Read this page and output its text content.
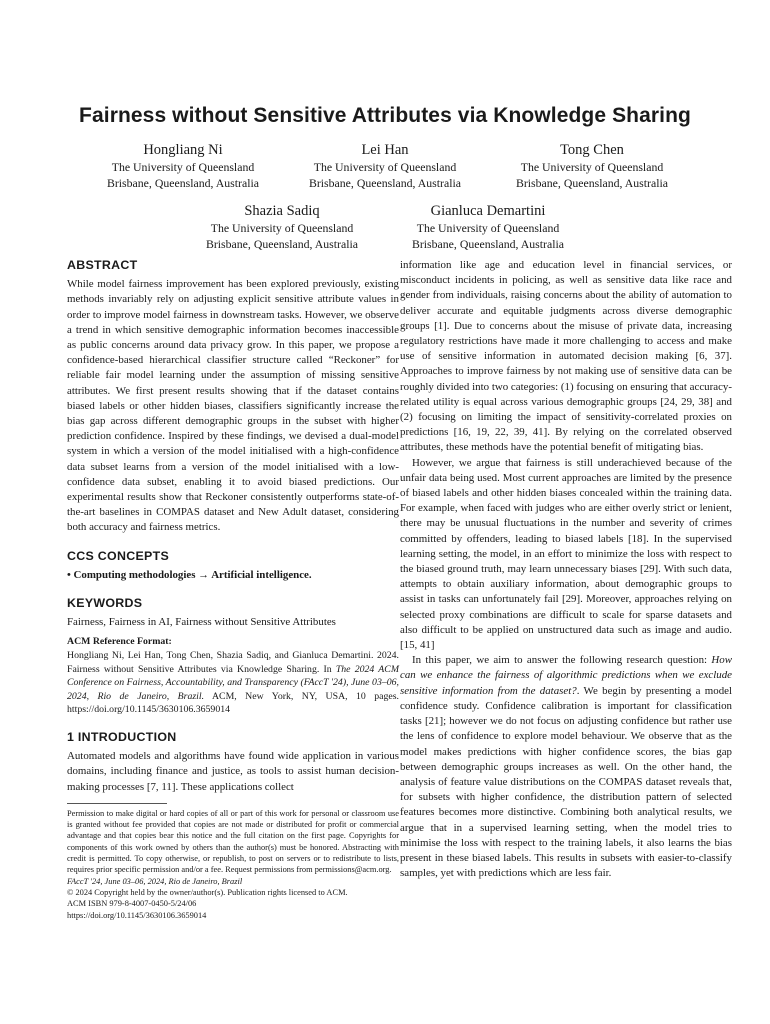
Fairness without Sensitive Attributes via Knowledge Sharing
Hongliang Ni
The University of Queensland
Brisbane, Queensland, Australia
Lei Han
The University of Queensland
Brisbane, Queensland, Australia
Tong Chen
The University of Queensland
Brisbane, Queensland, Australia
Shazia Sadiq
The University of Queensland
Brisbane, Queensland, Australia
Gianluca Demartini
The University of Queensland
Brisbane, Queensland, Australia
ABSTRACT

While model fairness improvement has been explored previously, existing methods invariably rely on adjusting explicit sensitive attribute values in order to improve model fairness in downstream tasks. However, we observe a trend in which sensitive demographic information becomes inaccessible as public concerns around data privacy grow. In this paper, we propose a confidence-based hierarchical classifier structure called “Reckoner” for reliable fair model learning under the assumption of missing sensitive attributes. We first present results showing that if the dataset contains biased labels or other hidden biases, classifiers significantly increase the bias gap across different demographic groups in the subset with higher prediction confidence. Inspired by these findings, we devised a dual-model system in which a version of the model initialised with a high-confidence data subset learns from a version of the model initialised with a low-confidence data subset, enabling it to avoid biased predictions. Our experimental results show that Reckoner consistently outperforms state-of-the-art baselines in COMPAS dataset and New Adult dataset, considering both accuracy and fairness metrics.

CCS CONCEPTS

• Computing methodologies → Artificial intelligence.

KEYWORDS

Fairness, Fairness in AI, Fairness without Sensitive Attributes

ACM Reference Format:

Hongliang Ni, Lei Han, Tong Chen, Shazia Sadiq, and Gianluca Demartini. 2024. Fairness without Sensitive Attributes via Knowledge Sharing. In The 2024 ACM Conference on Fairness, Accountability, and Transparency (FAccT '24), June 03–06, 2024, Rio de Janeiro, Brazil. ACM, New York, NY, USA, 10 pages. https://doi.org/10.1145/3630106.3659014

1 INTRODUCTION

Automated models and algorithms have found wide application in various domains, including finance and justice, as tools to assist human decision-making processes [7, 11]. These applications collect

Permission to make digital or hard copies of all or part of this work for personal or classroom use is granted without fee provided that copies are not made or distributed for profit or commercial advantage and that copies bear this notice and the full citation on the first page. Copyrights for components of this work owned by others than the author(s) must be honored. Abstracting with credit is permitted. To copy otherwise, or republish, to post on servers or to redistribute to lists, requires prior specific permission and/or a fee. Request permissions from permissions@acm.org.

FAccT '24, June 03–06, 2024, Rio de Janeiro, Brazil

© 2024 Copyright held by the owner/author(s). Publication rights licensed to ACM.

ACM ISBN 979-8-4007-0450-5/24/06

https://doi.org/10.1145/3630106.3659014

information like age and education level in financial services, or misconduct incidents in policing, as well as sensitive data like race and gender from individuals, raising concerns about the ability of automation to deliver accurate and equitable judgments across diverse demographic groups [1]. Due to concerns about the misuse of private data, increasing regulatory restrictions have made it more challenging to access and make use of sensitive information in automated decision making [6, 37]. Approaches to improve fairness by not making use of sensitive data can be roughly divided into two categories: (1) focusing on ensuring that accuracy-related utility is equal across various demographic groups [24, 29, 38] and (2) focusing on limiting the impact of sensitivity-correlated proxies on predictions [16, 19, 22, 39, 41]. By relying on the correlated observed attributes, these methods have the potential benefit of mitigating bias.

However, we argue that fairness is still underachieved because of the unfair data being used. Most current approaches are limited by the presence of biased labels and other hidden biases concealed within the training data. For example, when faced with judges who are either overly strict or lenient, there may be unusual fluctuations in the number and severity of crimes committed by offenders, leading to biased labels [18]. In the supervised learning setting, the model, in an effort to minimize the loss with respect to the biased ground truth, may learn unnecessary biases [29]. With such data, attempts to obtain auxiliary information, about demographic groups to assist in tasks can unfortunately fail [29]. Moreover, approaches relying on selected proxy combinations are difficult to scale for sparse datasets and also difficult to be applied on unstructured data such as image and audio. [15, 41]

In this paper, we aim to answer the following research question: How can we enhance the fairness of algorithmic predictions when we exclude sensitive information from the dataset?. We begin by presenting a model confidence study. Confidence calibration is important for classification tasks [21]; however we do not focus on adjusting confidence but rather use the lens of confidence to explore model behaviour. We observe that as the model makes predictions with higher confidence scores, the bias gap between demographic groups increases as well. On the other hand, the analysis of feature value distributions on the COMPAS dataset reveals that, for subsets with higher confidence, the distribution pattern of selected features becomes more distinctive. Combining both analytical results, we argue that in a supervised learning setting, when the model tries to minimise the loss with respect to the training labels, it also learns the bias present in these biased labels. This results in subsets with easier-to-classify samples, yet with predictions which are less fair.
